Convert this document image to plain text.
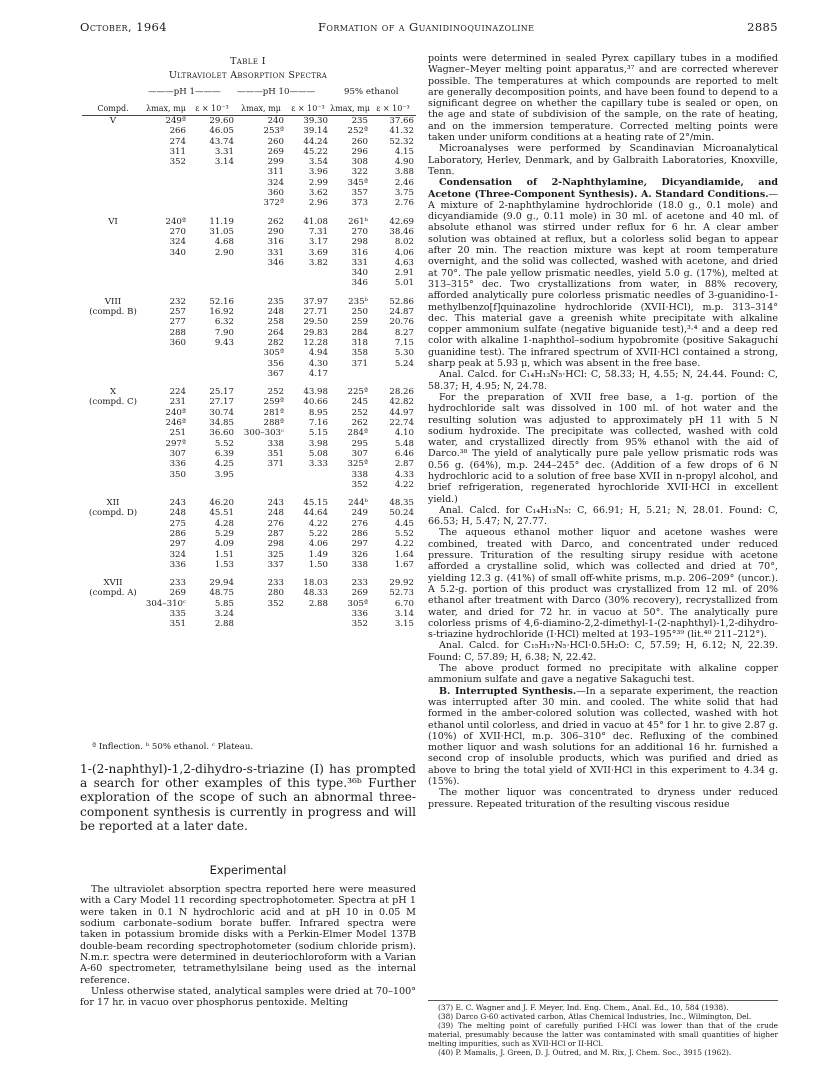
October, 1964	Formation of a Guanidinoquinazoline	2885
Table I
Ultraviolet Absorption Spectra
———pH 1——— ———pH 10———	95% ethanol
Compd.	λmax, mμ	ε × 10⁻³	λmax, mμ	ε × 10⁻³	λmax, mμ	ε × 10⁻³
V	249ª	29.60	240	39.30	235	37.66
	266	46.05	253ª	39.14	252ª	41.32
	274	43.74	260	44.24	260	52.32
	311	3.31	269	45.22	296	4.15
	352	3.14	299	3.54	308	4.90
			311	3.96	322	3.88
			324	2.99	345ª	2.46
			360	3.62	357	3.75
			372ª	2.96	373	2.76

VI	240ª	11.19	262	41.08	261ᵇ	42.69
	270	31.05	290	7.31	270	38.46
	324	4.68	316	3.17	298	8.02
	340	2.90	331	3.69	316	4.06
			346	3.82	331	4.63
					340	2.91
					346	5.01

VIII	232	52.16	235	37.97	235ᵇ	52.86
(compd. B)	257	16.92	248	27.71	250	24.87
	277	6.32	258	29.50	259	20.76
	288	7.90	264	29.83	284	8.27
	360	9.43	282	12.28	318	7.15
			305ª	4.94	358	5.30
			356	4.30	371	5.24
			367	4.17		

X	224	25.17	252	43.98	225ª	28.26
(compd. C)	231	27.17	259ª	40.66	245	42.82
	240ª	30.74	281ª	8.95	252	44.97
	246ª	34.85	288ª	7.16	262	22.74
	251	36.60	300–303ᶜ	5.15	284ª	4.10
	297ª	5.52	338	3.98	295	5.48
	307	6.39	351	5.08	307	6.46
	336	4.25	371	3.33	325ª	2.87
	350	3.95			338	4.33
					352	4.22

XII	243	46.20	243	45.15	244ᵇ	48.35
(compd. D)	248	45.51	248	44.64	249	50.24
	275	4.28	276	4.22	276	4.45
	286	5.29	287	5.22	286	5.52
	297	4.09	298	4.06	297	4.22
	324	1.51	325	1.49	326	1.64
	336	1.53	337	1.50	338	1.67

XVII	233	29.94	233	18.03	233	29.92
(compd. A)	269	48.75	280	48.33	269	52.73
	304–310ᶜ	5.85	352	2.88	305ª	6.70
	335	3.24			336	3.14
	351	2.88			352	3.15
ª Inflection. ᵇ 50% ethanol. ᶜ Plateau.

1-(2-naphthyl)-1,2-dihydro-s-triazine (I) has prompted a search for other examples of this type.³⁶ᵇ Further exploration of the scope of such an abnormal three-component synthesis is currently in progress and will be reported at a later date.

Experimental

The ultraviolet absorption spectra reported here were measured with a Cary Model 11 recording spectrophotometer. Spectra at pH 1 were taken in 0.1 N hydrochloric acid and at pH 10 in 0.05 M sodium carbonate–sodium borate buffer. Infrared spectra were taken in potassium bromide disks with a Perkin-Elmer Model 137B double-beam recording spectrophotometer (sodium chloride prism). N.m.r. spectra were determined in deuteriochloroform with a Varian A-60 spectrometer, tetramethylsilane being used as the internal reference.

Unless otherwise stated, analytical samples were dried at 70–100° for 17 hr. in vacuo over phosphorus pentoxide. Melting

points were determined in sealed Pyrex capillary tubes in a modified Wagner–Meyer melting point apparatus,³⁷ and are corrected wherever possible. The temperatures at which compounds are reported to melt are generally decomposition points, and have been found to depend to a significant degree on whether the capillary tube is sealed or open, on the age and state of subdivision of the sample, on the rate of heating, and on the immersion temperature. Corrected melting points were taken under uniform conditions at a heating rate of 2°/min.

Microanalyses were performed by Scandinavian Microanalytical Laboratory, Herlev, Denmark, and by Galbraith Laboratories, Knoxville, Tenn.

Condensation of 2-Naphthylamine, Dicyandiamide, and Acetone (Three-Component Synthesis). A. Standard Conditions.—A mixture of 2-naphthylamine hydrochloride (18.0 g., 0.1 mole) and dicyandiamide (9.0 g., 0.11 mole) in 30 ml. of acetone and 40 ml. of absolute ethanol was stirred under reflux for 6 hr. A clear amber solution was obtained at reflux, but a colorless solid began to appear after 20 min. The reaction mixture was kept at room temperature overnight, and the solid was collected, washed with acetone, and dried at 70°. The pale yellow prismatic needles, yield 5.0 g. (17%), melted at 313–315° dec. Two crystallizations from water, in 88% recovery, afforded analytically pure colorless prismatic needles of 3-guanidino-1-methylbenzo[f]quinazoline hydrochloride (XVII·HCl), m.p. 313–314° dec. This material gave a greenish white precipitate with alkaline copper ammonium sulfate (negative biguanide test),³·⁴ and a deep red color with alkaline 1-naphthol–sodium hypobromite (positive Sakaguchi guanidine test). The infrared spectrum of XVII·HCl contained a strong, sharp peak at 5.93 μ, which was absent in the free base.

Anal. Calcd. for C₁₄H₁₃N₅·HCl: C, 58.33; H, 4.55; N, 24.44. Found: C, 58.37; H, 4.95; N, 24.78.

For the preparation of XVII free base, a 1-g. portion of the hydrochloride salt was dissolved in 100 ml. of hot water and the resulting solution was adjusted to approximately pH 11 with 5 N sodium hydroxide. The precipitate was collected, washed with cold water, and crystallized directly from 95% ethanol with the aid of Darco.³⁸ The yield of analytically pure pale yellow prismatic rods was 0.56 g. (64%), m.p. 244–245° dec. (Addition of a few drops of 6 N hydrochloric acid to a solution of free base XVII in n-propyl alcohol, and brief refrigeration, regenerated hyrochloride XVII·HCl in excellent yield.)

Anal. Calcd. for C₁₄H₁₃N₅: C, 66.91; H, 5.21; N, 28.01. Found: C, 66.53; H, 5.47; N, 27.77.

The aqueous ethanol mother liquor and acetone washes were combined, treated with Darco, and concentrated under reduced pressure. Trituration of the resulting sirupy residue with acetone afforded a crystalline solid, which was collected and dried at 70°, yielding 12.3 g. (41%) of small off-white prisms, m.p. 206–209° (uncor.). A 5.2-g. portion of this product was crystallized from 12 ml. of 20% ethanol after treatment with Darco (30% recovery), recrystallized from water, and dried for 72 hr. in vacuo at 50°. The analytically pure colorless prisms of 4,6-diamino-2,2-dimethyl-1-(2-naphthyl)-1,2-dihydro-s-triazine hydrochloride (I·HCl) melted at 193–195°³⁹ (lit.⁴⁰ 211–212°).

Anal. Calcd. for C₁₅H₁₇N₅·HCl·0.5H₂O: C, 57.59; H, 6.12; N, 22.39. Found: C, 57.89; H, 6.38; N, 22.42.

The above product formed no precipitate with alkaline copper ammonium sulfate and gave a negative Sakaguchi test.

B. Interrupted Synthesis.—In a separate experiment, the reaction was interrupted after 30 min. and cooled. The white solid that had formed in the amber-colored solution was collected, washed with hot ethanol until colorless, and dried in vacuo at 45° for 1 hr. to give 2.87 g. (10%) of XVII·HCl, m.p. 306–310° dec. Refluxing of the combined mother liquor and wash solutions for an additional 16 hr. furnished a second crop of insoluble products, which was purified and dried as above to bring the total yield of XVII·HCl in this experiment to 4.34 g. (15%).

The mother liquor was concentrated to dryness under reduced pressure. Repeated trituration of the resulting viscous residue

(37) E. C. Wagner and J. F. Meyer, Ind. Eng. Chem., Anal. Ed., 10, 584 (1938).

(38) Darco G-60 activated carbon, Atlas Chemical Industries, Inc., Wilmington, Del.

(39) The melting point of carefully purified I·HCl was lower than that of the crude material, presumably because the latter was contaminated with small quantities of higher melting impurities, such as XVII·HCl or II·HCl.

(40) P. Mamalis, J. Green, D. J. Outred, and M. Rix, J. Chem. Soc., 3915 (1962).
